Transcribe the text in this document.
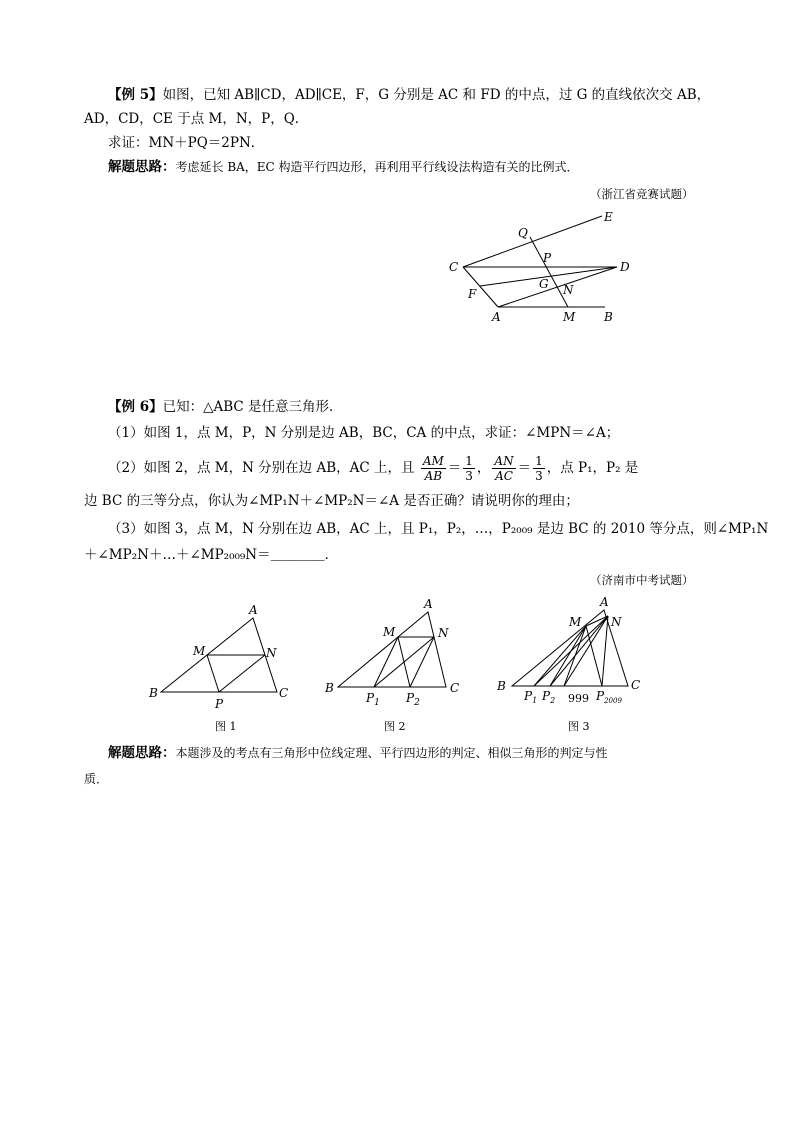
【例 5】如图，已知 AB∥CD，AD∥CE，F，G 分别是 AC 和 FD 的中点，过 G 的直线依次交 AB，
AD，CD，CE 于点 M，N，P，Q．
求证：MN＋PQ＝2PN．
解题思路：考虑延长 BA，EC 构造平行四边形，再利用平行线设法构造有关的比例式．
（浙江省竞赛试题）
E
Q
P
C	D
G N
F
A	M B
【例 6】已知：△ABC 是任意三角形．
（1）如图 1，点 M，P，N 分别是边 AB，BC，CA 的中点，求证：∠MPN＝∠A；
（2）如图 2，点 M，N 分别在边 AB，AC 上，且 $\frac{AM}{AB} = \frac{1}{3}$ ， $\frac{AN}{AC} = \frac{1}{3}$ ，点 P₁，P₂ 是
边 BC 的三等分点，你认为∠MP₁N＋∠MP₂N＝∠A 是否正确？请说明你的理由；
（3）如图 3，点 M，N 分别在边 AB，AC 上，且 P₁，P₂，…，P₂₀₀₉ 是边 BC 的 2010 等分点，则∠MP₁N
＋∠MP₂N＋…＋∠MP₂₀₀₉N＝＿＿＿＿．
（济南市中考试题）
A
M	N
B
P
C
图 1
A
M	N
B	C
$P_1$ $P_2$
图 2
A
M N
B	C
$P_1$ $P_2$ 999 $P_{2009}$
图 3
解题思路：本题涉及的考点有三角形中位线定理、平行四边形的判定、相似三角形的判定与性
质．
